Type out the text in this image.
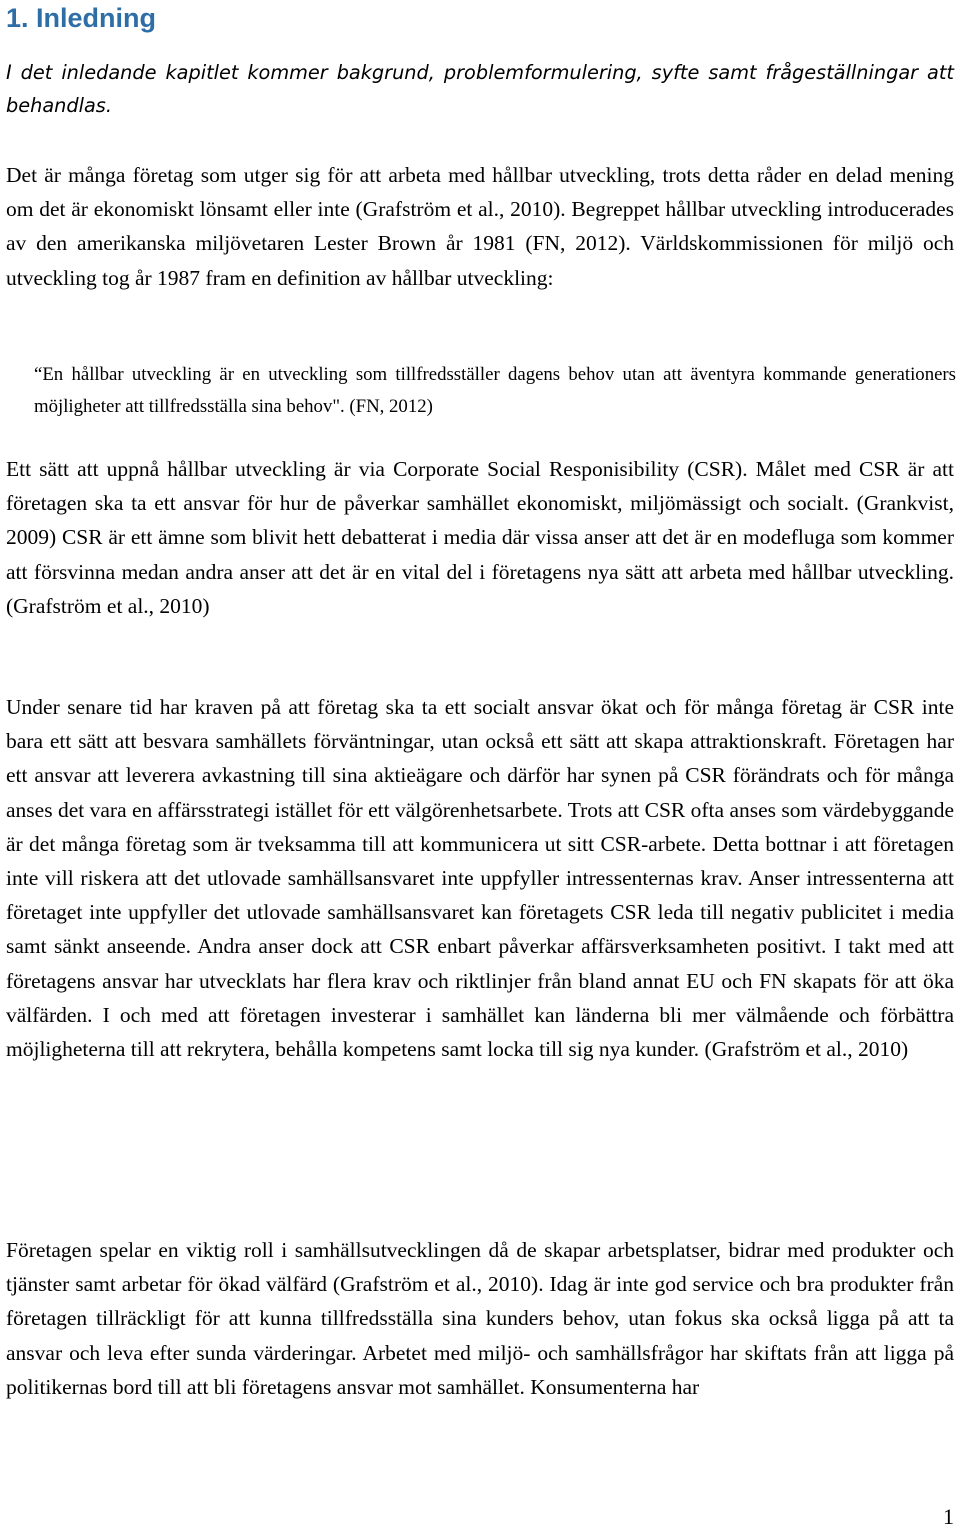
1. Inledning

I det inledande kapitlet kommer bakgrund, problemformulering, syfte samt frågeställningar att behandlas.

Det är många företag som utger sig för att arbeta med hållbar utveckling, trots detta råder en delad mening om det är ekonomiskt lönsamt eller inte (Grafström et al., 2010). Begreppet hållbar utveckling introducerades av den amerikanska miljövetaren Lester Brown år 1981 (FN, 2012). Världskommissionen för miljö och utveckling tog år 1987 fram en definition av hållbar utveckling:

“En hållbar utveckling är en utveckling som tillfredsställer dagens behov utan att äventyra kommande generationers möjligheter att tillfredsställa sina behov". (FN, 2012)

Ett sätt att uppnå hållbar utveckling är via Corporate Social Responisibility (CSR). Målet med CSR är att företagen ska ta ett ansvar för hur de påverkar samhället ekonomiskt, miljömässigt och socialt. (Grankvist, 2009) CSR är ett ämne som blivit hett debatterat i media där vissa anser att det är en modefluga som kommer att försvinna medan andra anser att det är en vital del i företagens nya sätt att arbeta med hållbar utveckling. (Grafström et al., 2010)

Under senare tid har kraven på att företag ska ta ett socialt ansvar ökat och för många företag är CSR inte bara ett sätt att besvara samhällets förväntningar, utan också ett sätt att skapa attraktionskraft. Företagen har ett ansvar att leverera avkastning till sina aktieägare och därför har synen på CSR förändrats och för många anses det vara en affärsstrategi istället för ett välgörenhetsarbete. Trots att CSR ofta anses som värdebyggande är det många företag som är tveksamma till att kommunicera ut sitt CSR-arbete. Detta bottnar i att företagen inte vill riskera att det utlovade samhällsansvaret inte uppfyller intressenternas krav. Anser intressenterna att företaget inte uppfyller det utlovade samhällsansvaret kan företagets CSR leda till negativ publicitet i media samt sänkt anseende. Andra anser dock att CSR enbart påverkar affärsverksamheten positivt. I takt med att företagens ansvar har utvecklats har flera krav och riktlinjer från bland annat EU och FN skapats för att öka välfärden. I och med att företagen investerar i samhället kan länderna bli mer välmående och förbättra möjligheterna till att rekrytera, behålla kompetens samt locka till sig nya kunder. (Grafström et al., 2010)

Företagen spelar en viktig roll i samhällsutvecklingen då de skapar arbetsplatser, bidrar med produkter och tjänster samt arbetar för ökad välfärd (Grafström et al., 2010). Idag är inte god service och bra produkter från företagen tillräckligt för att kunna tillfredsställa sina kunders behov, utan fokus ska också ligga på att ta ansvar och leva efter sunda värderingar. Arbetet med miljö- och samhällsfrågor har skiftats från att ligga på politikernas bord till att bli företagens ansvar mot samhället. Konsumenterna har

1
